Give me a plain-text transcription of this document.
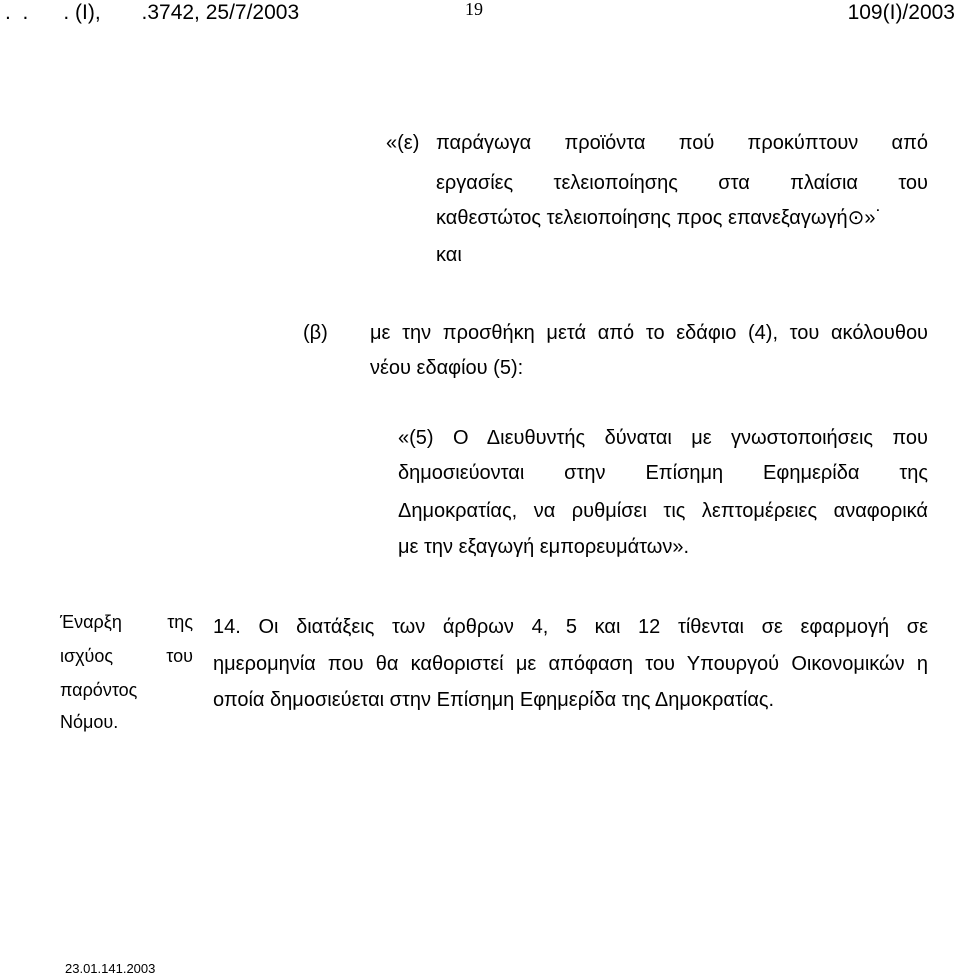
.  .      . (I),       .3742, 25/7/2003	19	109(I)/2003
«(ε) παράγωγα προϊόντα πού προκύπτουν από
εργασίες τελειοποίησης στα πλαίσια του
καθεστώτος τελειοποίησης προς επανεξαγωγή⊙»˙
και
(β) με την προσθήκη μετά από το εδάφιο (4), του ακόλουθου
νέου εδαφίου (5):
«(5) Ο Διευθυντής δύναται με γνωστοποιήσεις που
δημοσιεύονται στην Επίσημη Εφημερίδα της
Δημοκρατίας, να ρυθμίσει τις λεπτομέρειες αναφορικά
με την εξαγωγή εμπορευμάτων».
Έναρξη της
ισχύος του
παρόντος
Νόμου.
14. Οι διατάξεις των άρθρων 4, 5 και 12 τίθενται σε εφαρμογή σε
ημερομηνία που θα καθοριστεί με απόφαση του Υπουργού Οικονομικών η
οποία δημοσιεύεται στην Επίσημη Εφημερίδα της Δημοκρατίας.
23.01.141.2003
